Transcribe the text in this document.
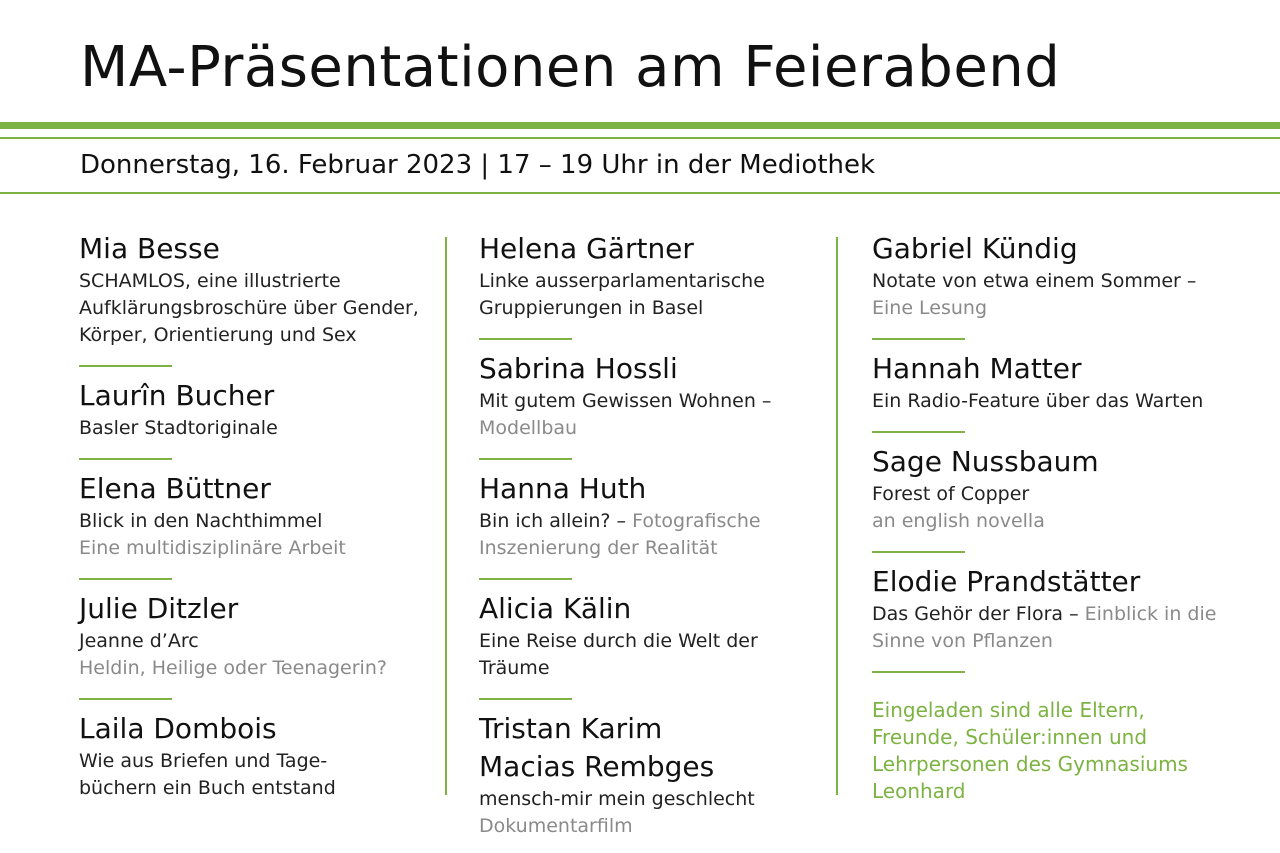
MA-Präsentationen am Feierabend

Donnerstag, 16. Februar 2023 | 17 – 19 Uhr in der Mediothek

Mia Besse
SCHAMLOS, eine illustrierte Aufklärungsbroschüre über Gender, Körper, Orientierung und Sex
Laurîn Bucher
Basler Stadtoriginale
Elena Büttner
Blick in den Nachthimmel
Eine multidisziplinäre Arbeit
Julie Ditzler
Jeanne d’Arc
Heldin, Heilige oder Teenagerin?
Laila Dombois
Wie aus Briefen und Tage-
büchern ein Buch entstand
Helena Gärtner
Linke ausserparlamentarische Gruppierungen in Basel
Sabrina Hossli
Mit gutem Gewissen Wohnen – Modellbau
Hanna Huth
Bin ich allein? – Fotografische Inszenierung der Realität
Alicia Kälin
Eine Reise durch die Welt der Träume
Tristan Karim
Macias Rembges
mensch-mir mein geschlecht
Dokumentarfilm
Gabriel Kündig
Notate von etwa einem Sommer – Eine Lesung
Hannah Matter
Ein Radio-Feature über das Warten
Sage Nussbaum
Forest of Copper
an english novella
Elodie Prandstätter
Das Gehör der Flora – Einblick in die Sinne von Pflanzen
Eingeladen sind alle Eltern, Freunde, Schüler:innen und Lehrpersonen des Gymnasiums Leonhard
